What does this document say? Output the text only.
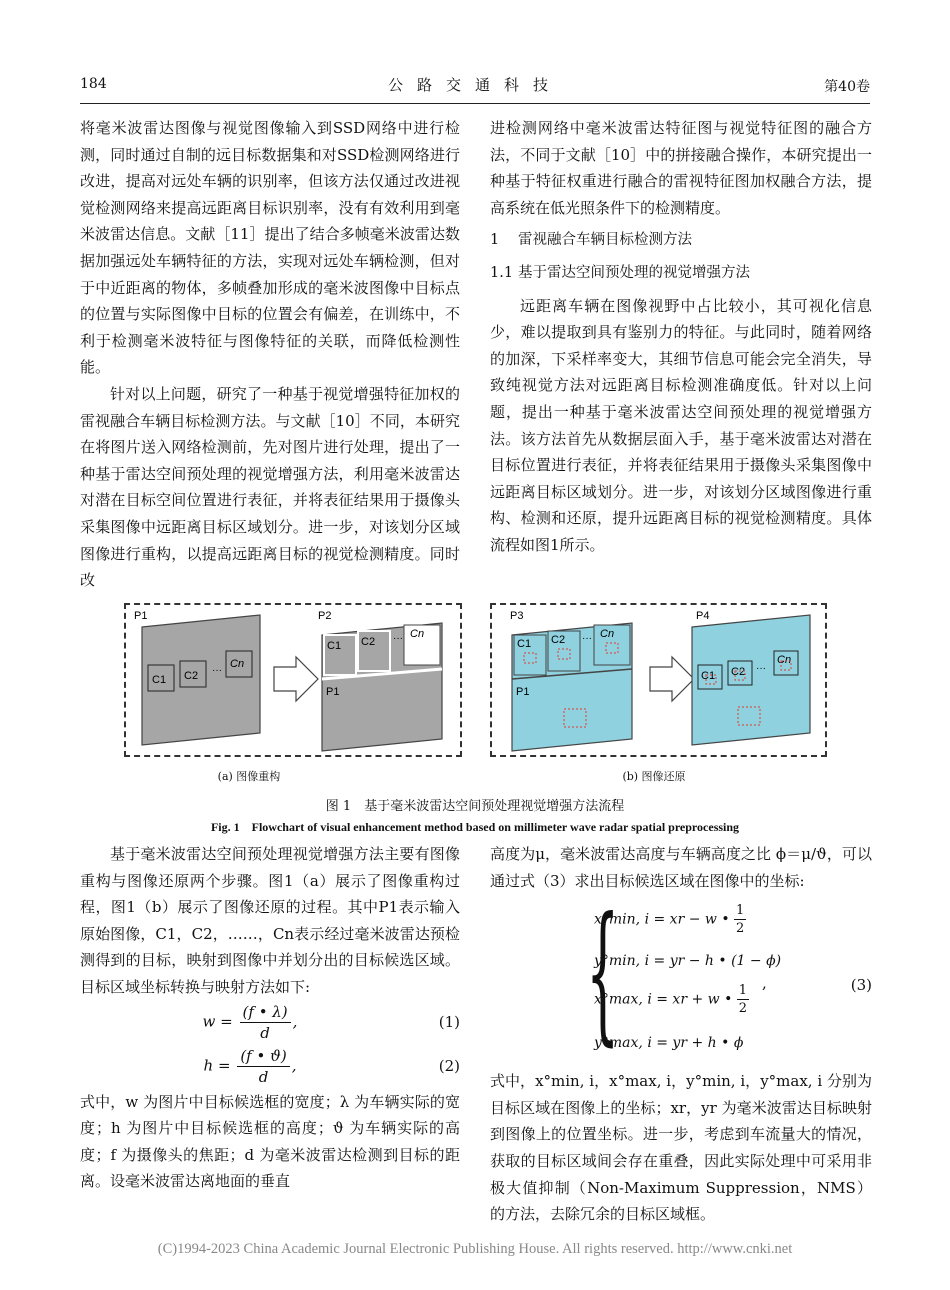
184	公路交通科技	第40卷

将毫米波雷达图像与视觉图像输入到SSD网络中进行检测，同时通过自制的远目标数据集和对SSD检测网络进行改进，提高对远处车辆的识别率，但该方法仅通过改进视觉检测网络来提高远距离目标识别率，没有有效利用到毫米波雷达信息。文献［11］提出了结合多帧毫米波雷达数据加强远处车辆特征的方法，实现对远处车辆检测，但对于中近距离的物体，多帧叠加形成的毫米波图像中目标点的位置与实际图像中目标的位置会有偏差，在训练中，不利于检测毫米波特征与图像特征的关联，而降低检测性能。

针对以上问题，研究了一种基于视觉增强特征加权的雷视融合车辆目标检测方法。与文献［10］不同，本研究在将图片送入网络检测前，先对图片进行处理，提出了一种基于雷达空间预处理的视觉增强方法，利用毫米波雷达对潜在目标空间位置进行表征，并将表征结果用于摄像头采集图像中远距离目标区域划分。进一步，对该划分区域图像进行重构，以提高远距离目标的视觉检测精度。同时改

进检测网络中毫米波雷达特征图与视觉特征图的融合方法，不同于文献［10］中的拼接融合操作，本研究提出一种基于特征权重进行融合的雷视特征图加权融合方法，提高系统在低光照条件下的检测精度。

1 雷视融合车辆目标检测方法
1.1 基于雷达空间预处理的视觉增强方法

远距离车辆在图像视野中占比较小，其可视化信息少，难以提取到具有鉴别力的特征。与此同时，随着网络的加深，下采样率变大，其细节信息可能会完全消失，导致纯视觉方法对远距离目标检测准确度低。针对以上问题，提出一种基于毫米波雷达空间预处理的视觉增强方法。该方法首先从数据层面入手，基于毫米波雷达对潜在目标位置进行表征，并将表征结果用于摄像头采集图像中远距离目标区域划分。进一步，对该划分区域图像进行重构、检测和还原，提升远距离目标的视觉检测精度。具体流程如图1所示。

P1
C1 C2 ···
Cn
P2
C1 C2 ··· Cn
P1
(a) 图像重构
P3
C1 C2 ··· Cn
P1
P4
C1 C2 ···
Cn
(b) 图像还原
图 1　基于毫米波雷达空间预处理视觉增强方法流程
Fig. 1　Flowchart of visual enhancement method based on millimeter wave radar spatial preprocessing

基于毫米波雷达空间预处理视觉增强方法主要有图像重构与图像还原两个步骤。图1（a）展示了图像重构过程，图1（b）展示了图像还原的过程。其中P1表示输入原始图像，C1，C2，……，Cn表示经过毫米波雷达预检测得到的目标，映射到图像中并划分出的目标候选区域。目标区域坐标转换与映射方法如下:

$w = \frac{(f • \lambda)}{d}$ ,	(1)
$h = \frac{(f • ϑ)}{d}$ ,	(2)

式中，w 为图片中目标候选框的宽度；λ 为车辆实际的宽度；h 为图片中目标候选框的高度；ϑ 为车辆实际的高度；f 为摄像头的焦距；d 为毫米波雷达检测到目标的距离。设毫米波雷达离地面的垂直

高度为μ，毫米波雷达高度与车辆高度之比 ϕ＝μ/ϑ，可以通过式（3）求出目标候选区域在图像中的坐标:

{
x°min, i = xr − w • $\frac{1}{2}$
y°min, i = yr − h • (1 − ϕ)
x°max, i = xr + w • $\frac{1}{2}$
y°max, i = yr + h • ϕ
,	(3)

式中，x°min, i，x°max, i，y°min, i，y°max, i 分别为目标区域在图像上的坐标；xr，yr 为毫米波雷达目标映射到图像上的位置坐标。进一步，考虑到车流量大的情况，获取的目标区域间会存在重叠，因此实际处理中可采用非极大值抑制（Non-Maximum Suppression，NMS）的方法，去除冗余的目标区域框。

(C)1994-2023 China Academic Journal Electronic Publishing House. All rights reserved. http://www.cnki.net
